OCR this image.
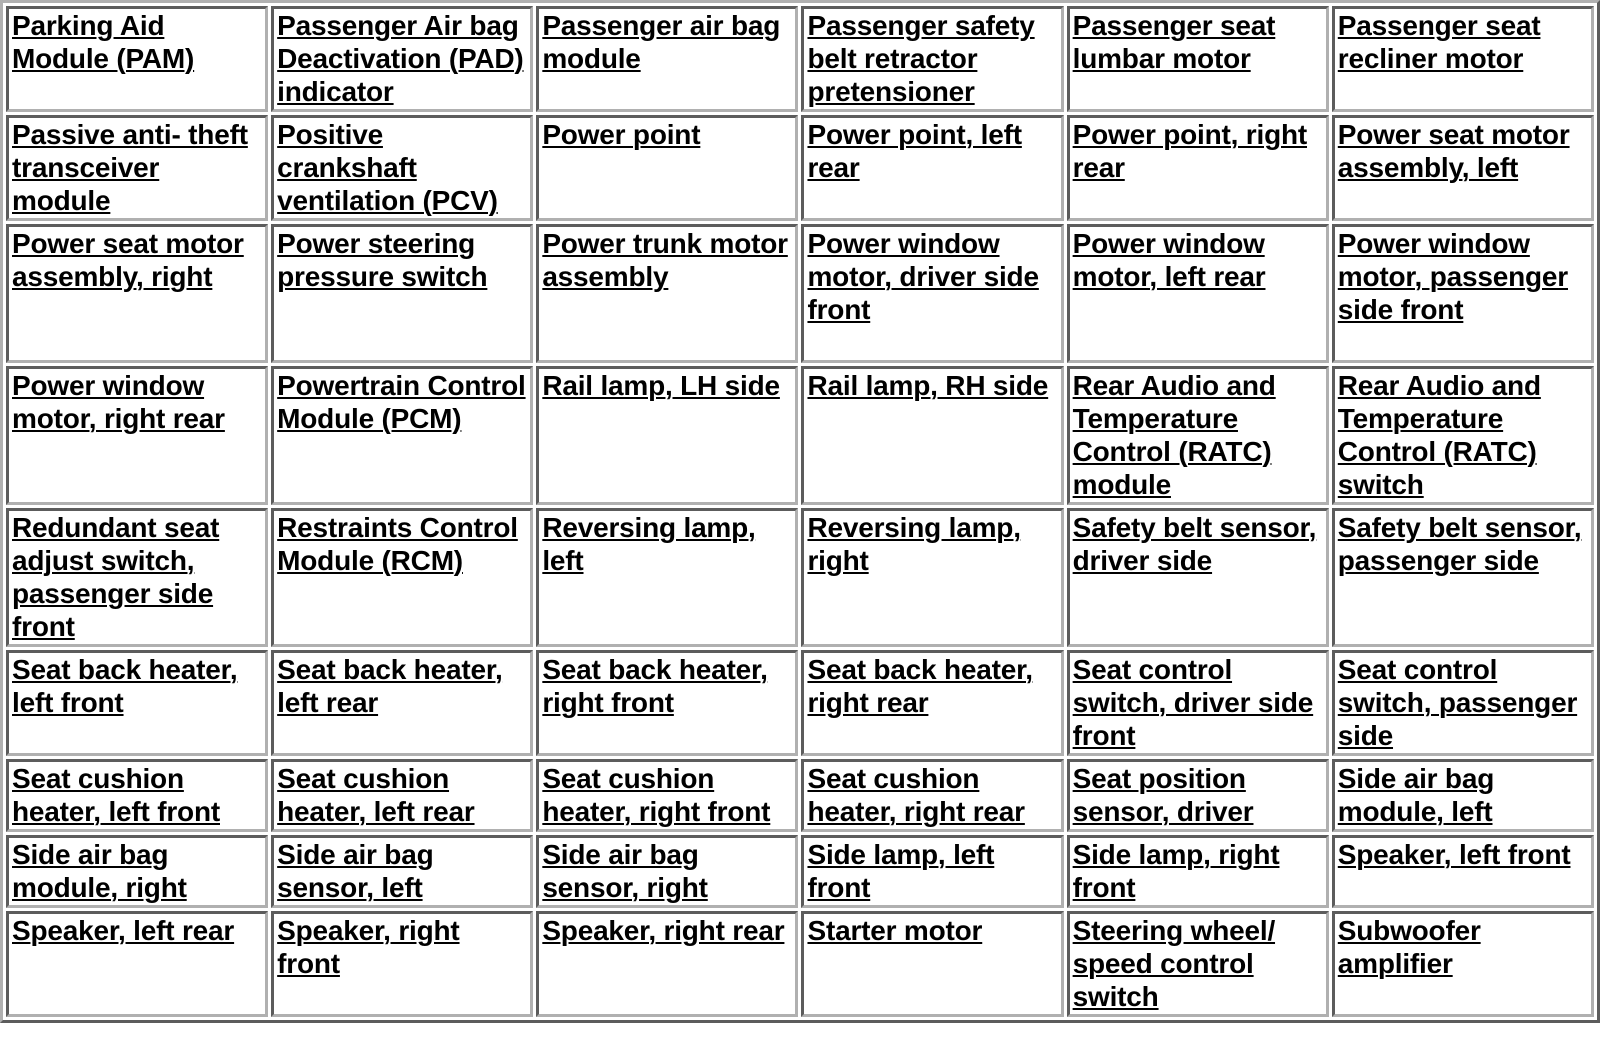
Parking Aid Module (PAM)	Passenger Air bag Deactivation (PAD) indicator	Passenger air bag module	Passenger safety belt retractor pretensioner	Passenger seat lumbar motor	Passenger seat recliner motor

Passive anti- theft transceiver module	Positive crankshaft ventilation (PCV)	Power point	Power point, left rear	Power point, right rear	Power seat motor assembly, left

Power seat motor assembly, right	Power steering pressure switch	Power trunk motor assembly	Power window motor, driver side front	Power window motor, left rear	Power window motor, passenger side front

Power window motor, right rear	Powertrain Control Module (PCM)	Rail lamp, LH side	Rail lamp, RH side	Rear Audio and Temperature Control (RATC) module	Rear Audio and Temperature Control (RATC) switch

Redundant seat adjust switch, passenger side front	Restraints Control Module (RCM)	Reversing lamp, left	Reversing lamp, right	Safety belt sensor, driver side	Safety belt sensor, passenger side

Seat back heater, left front	Seat back heater, left rear	Seat back heater, right front	Seat back heater, right rear	Seat control switch, driver side front	Seat control switch, passenger side

Seat cushion heater, left front	Seat cushion heater, left rear	Seat cushion heater, right front	Seat cushion heater, right rear	Seat position sensor, driver	Side air bag module, left

Side air bag module, right	Side air bag sensor, left	Side air bag sensor, right	Side lamp, left front	Side lamp, right front	Speaker, left front

Speaker, left rear	Speaker, right front	Speaker, right rear	Starter motor	Steering wheel/ speed control switch	Subwoofer amplifier
